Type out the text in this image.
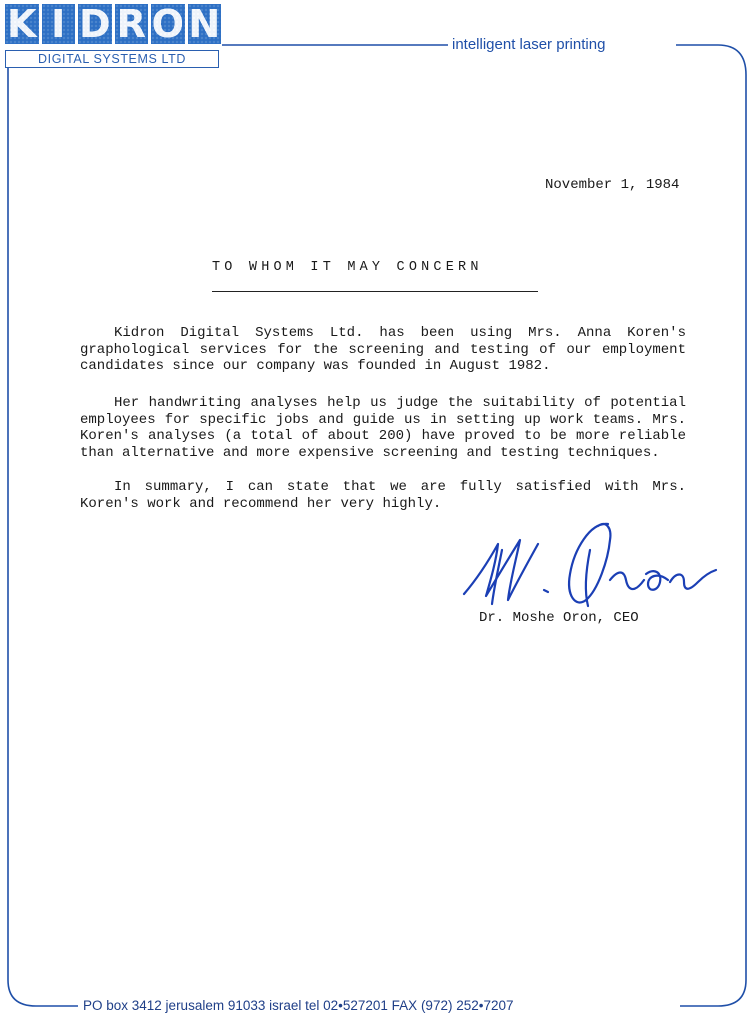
K I D R O N
DIGITAL SYSTEMS LTD
intelligent laser printing
November 1, 1984
TO WHOM IT MAY CONCERN

Kidron Digital Systems Ltd. has been using Mrs. Anna Koren's graphological services for the screening and testing of our employment candidates since our company was founded in August 1982.

Her handwriting analyses help us judge the suitability of potential employees for specific jobs and guide us in setting up work teams. Mrs. Koren's analyses (a total of about 200) have proved to be more reliable than alternative and more expensive screening and testing techniques.

In summary, I can state that we are fully satisfied with Mrs. Koren's work and recommend her very highly.

Dr. Moshe Oron, CEO
PO box 3412 jerusalem 91033 israel tel 02•527201 FAX (972) 252•7207
